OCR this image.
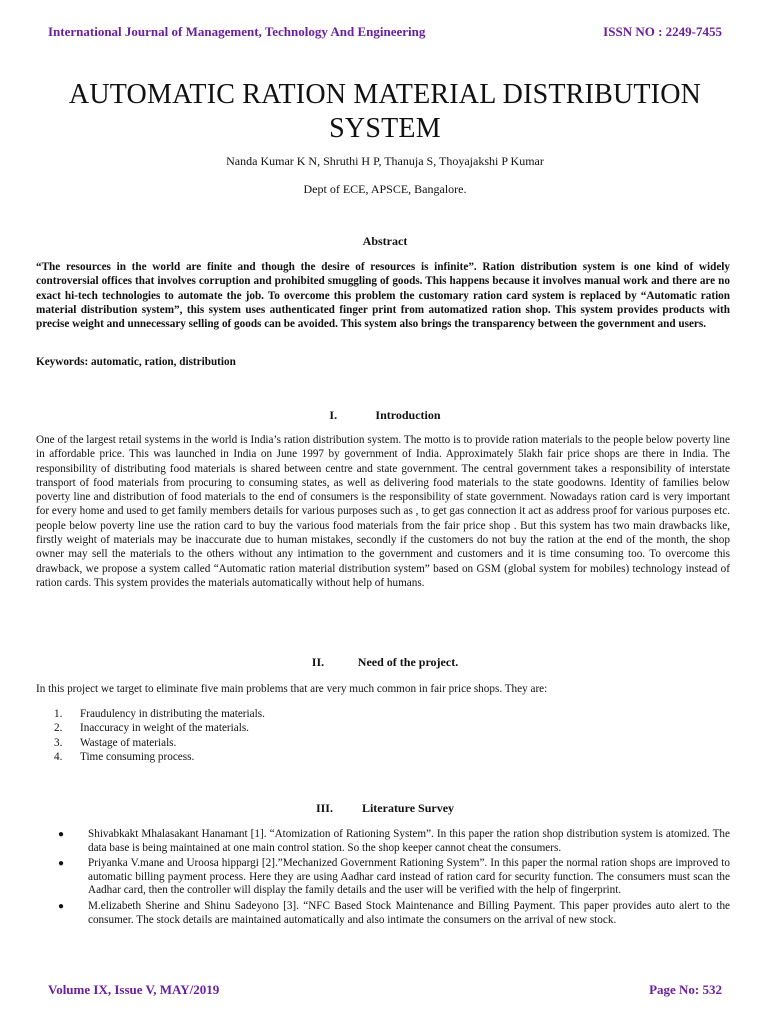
International Journal of Management, Technology And Engineering	ISSN NO : 2249-7455
AUTOMATIC RATION MATERIAL DISTRIBUTION SYSTEM
Nanda Kumar K N, Shruthi H P, Thanuja S, Thoyajakshi P Kumar
Dept of ECE, APSCE, Bangalore.
Abstract

“The resources in the world are finite and though the desire of resources is infinite”. Ration distribution system is one kind of widely controversial offices that involves corruption and prohibited smuggling of goods. This happens because it involves manual work and there are no exact hi-tech technologies to automate the job. To overcome this problem the customary ration card system is replaced by “Automatic ration material distribution system”, this system uses authenticated finger print from automatized ration shop. This system provides products with precise weight and unnecessary selling of goods can be avoided. This system also brings the transparency between the government and users.

Keywords: automatic, ration, distribution
I.	Introduction

One of the largest retail systems in the world is India’s ration distribution system. The motto is to provide ration materials to the people below poverty line in affordable price. This was launched in India on June 1997 by government of India. Approximately 5lakh fair price shops are there in India. The responsibility of distributing food materials is shared between centre and state government. The central government takes a responsibility of interstate transport of food materials from procuring to consuming states, as well as delivering food materials to the state goodowns. Identity of families below poverty line and distribution of food materials to the end of consumers is the responsibility of state government. Nowadays ration card is very important for every home and used to get family members details for various purposes such as , to get gas connection it act as address proof for various purposes etc. people below poverty line use the ration card to buy the various food materials from the fair price shop . But this system has two main drawbacks like, firstly weight of materials may be inaccurate due to human mistakes, secondly if the customers do not buy the ration at the end of the month, the shop owner may sell the materials to the others without any intimation to the government and customers and it is time consuming too. To overcome this drawback, we propose a system called “Automatic ration material distribution system” based on GSM (global system for mobiles) technology instead of ration cards. This system provides the materials automatically without help of humans.

II.	Need of the project.

In this project we target to eliminate five main problems that are very much common in fair price shops. They are:

1.	Fraudulency in distributing the materials.
2.	Inaccuracy in weight of the materials.
3.	Wastage of materials.
4.	Time consuming process.
III. Literature Survey
●	Shivabkakt Mhalasakant Hanamant [1]. “Atomization of Rationing System”. In this paper the ration shop distribution system is atomized. The data base is being maintained at one main control station. So the shop keeper cannot cheat the consumers.
●	Priyanka V.mane and Uroosa hippargi [2].”Mechanized Government Rationing System”. In this paper the normal ration shops are improved to automatic billing payment process. Here they are using Aadhar card instead of ration card for security function. The consumers must scan the Aadhar card, then the controller will display the family details and the user will be verified with the help of fingerprint.
●	M.elizabeth Sherine and Shinu Sadeyono [3]. “NFC Based Stock Maintenance and Billing Payment. This paper provides auto alert to the consumer. The stock details are maintained automatically and also intimate the consumers on the arrival of new stock.
Volume IX, Issue V, MAY/2019	Page No: 532
